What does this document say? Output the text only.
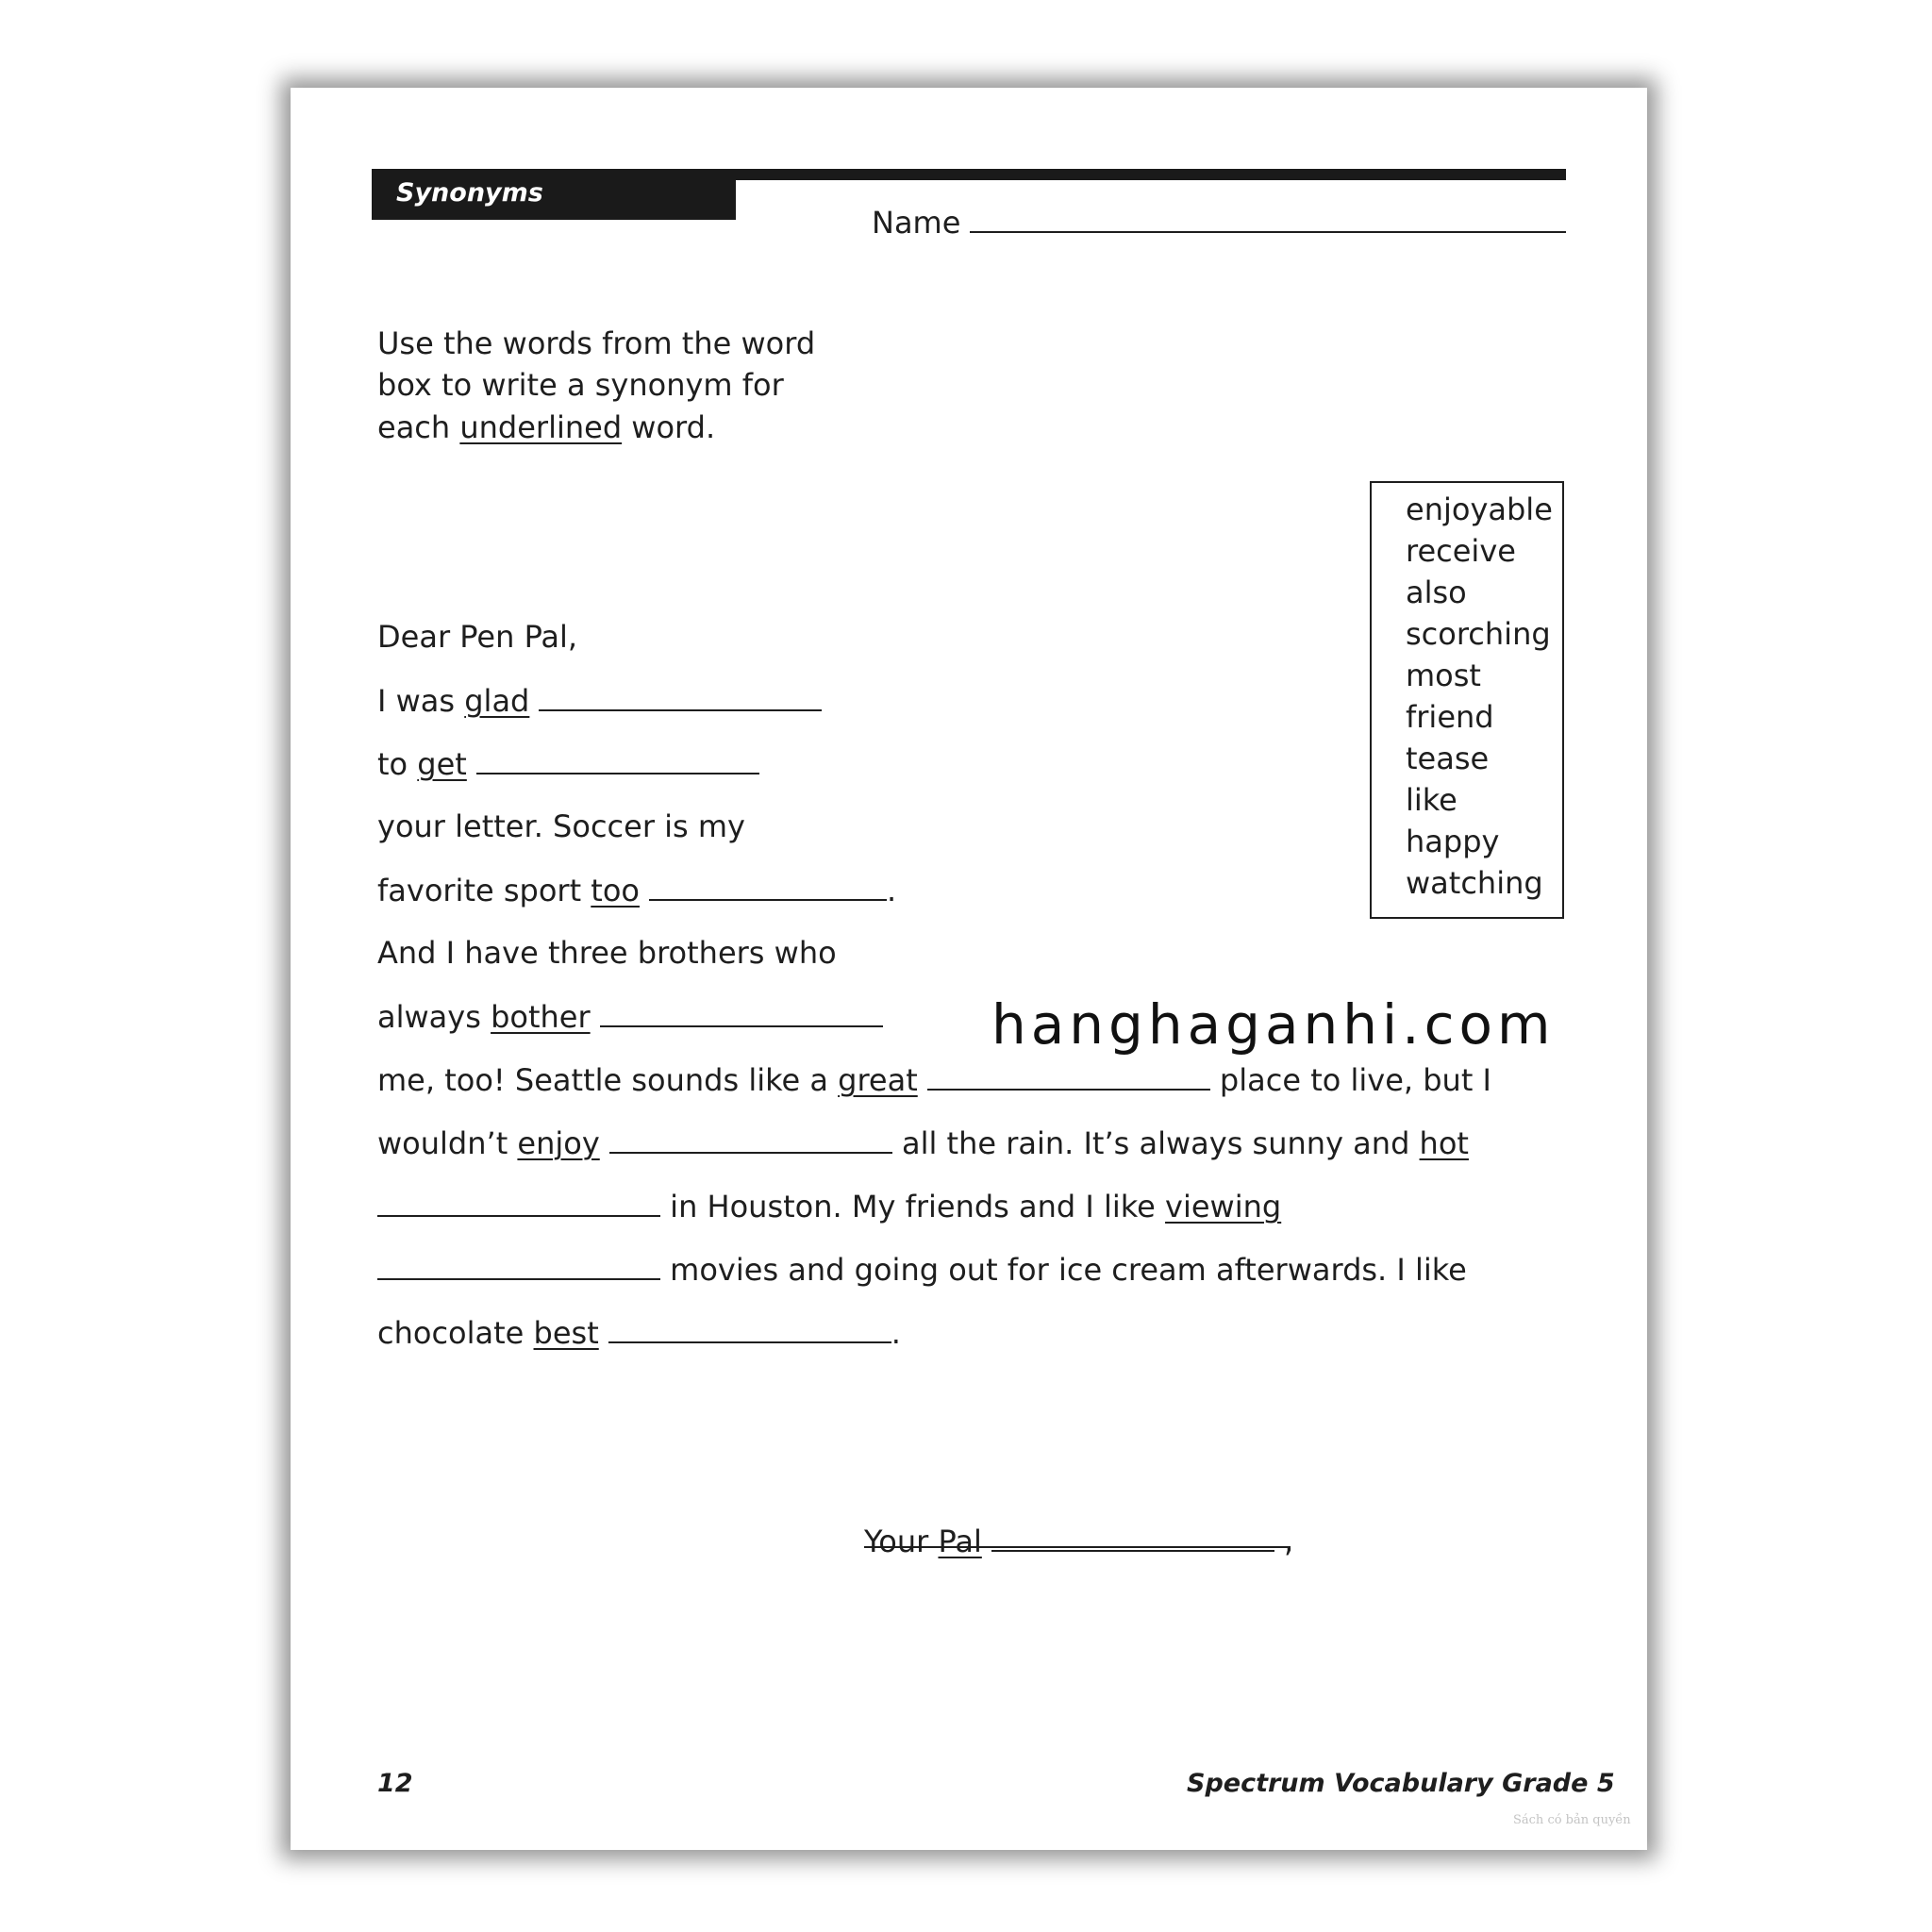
Synonyms
Name
Use the words from the word
box to write a synonym for
each underlined word.
enjoyable
receive
also
scorching
most
friend
tease
like
happy
watching
Dear Pen Pal,
I was glad
to get
your letter. Soccer is my
favorite sport too	.
And I have three brothers who
always bother
me, too! Seattle sounds like a great	place to live, but I
wouldn’t enjoy	all the rain. It’s always sunny and hot
in Houston. My friends and I like viewing
movies and going out for ice cream afterwards. I like
chocolate best	.
Your Pal	,
12	Spectrum Vocabulary Grade 5
Sách có bản quyền
hanghaganhi.com
